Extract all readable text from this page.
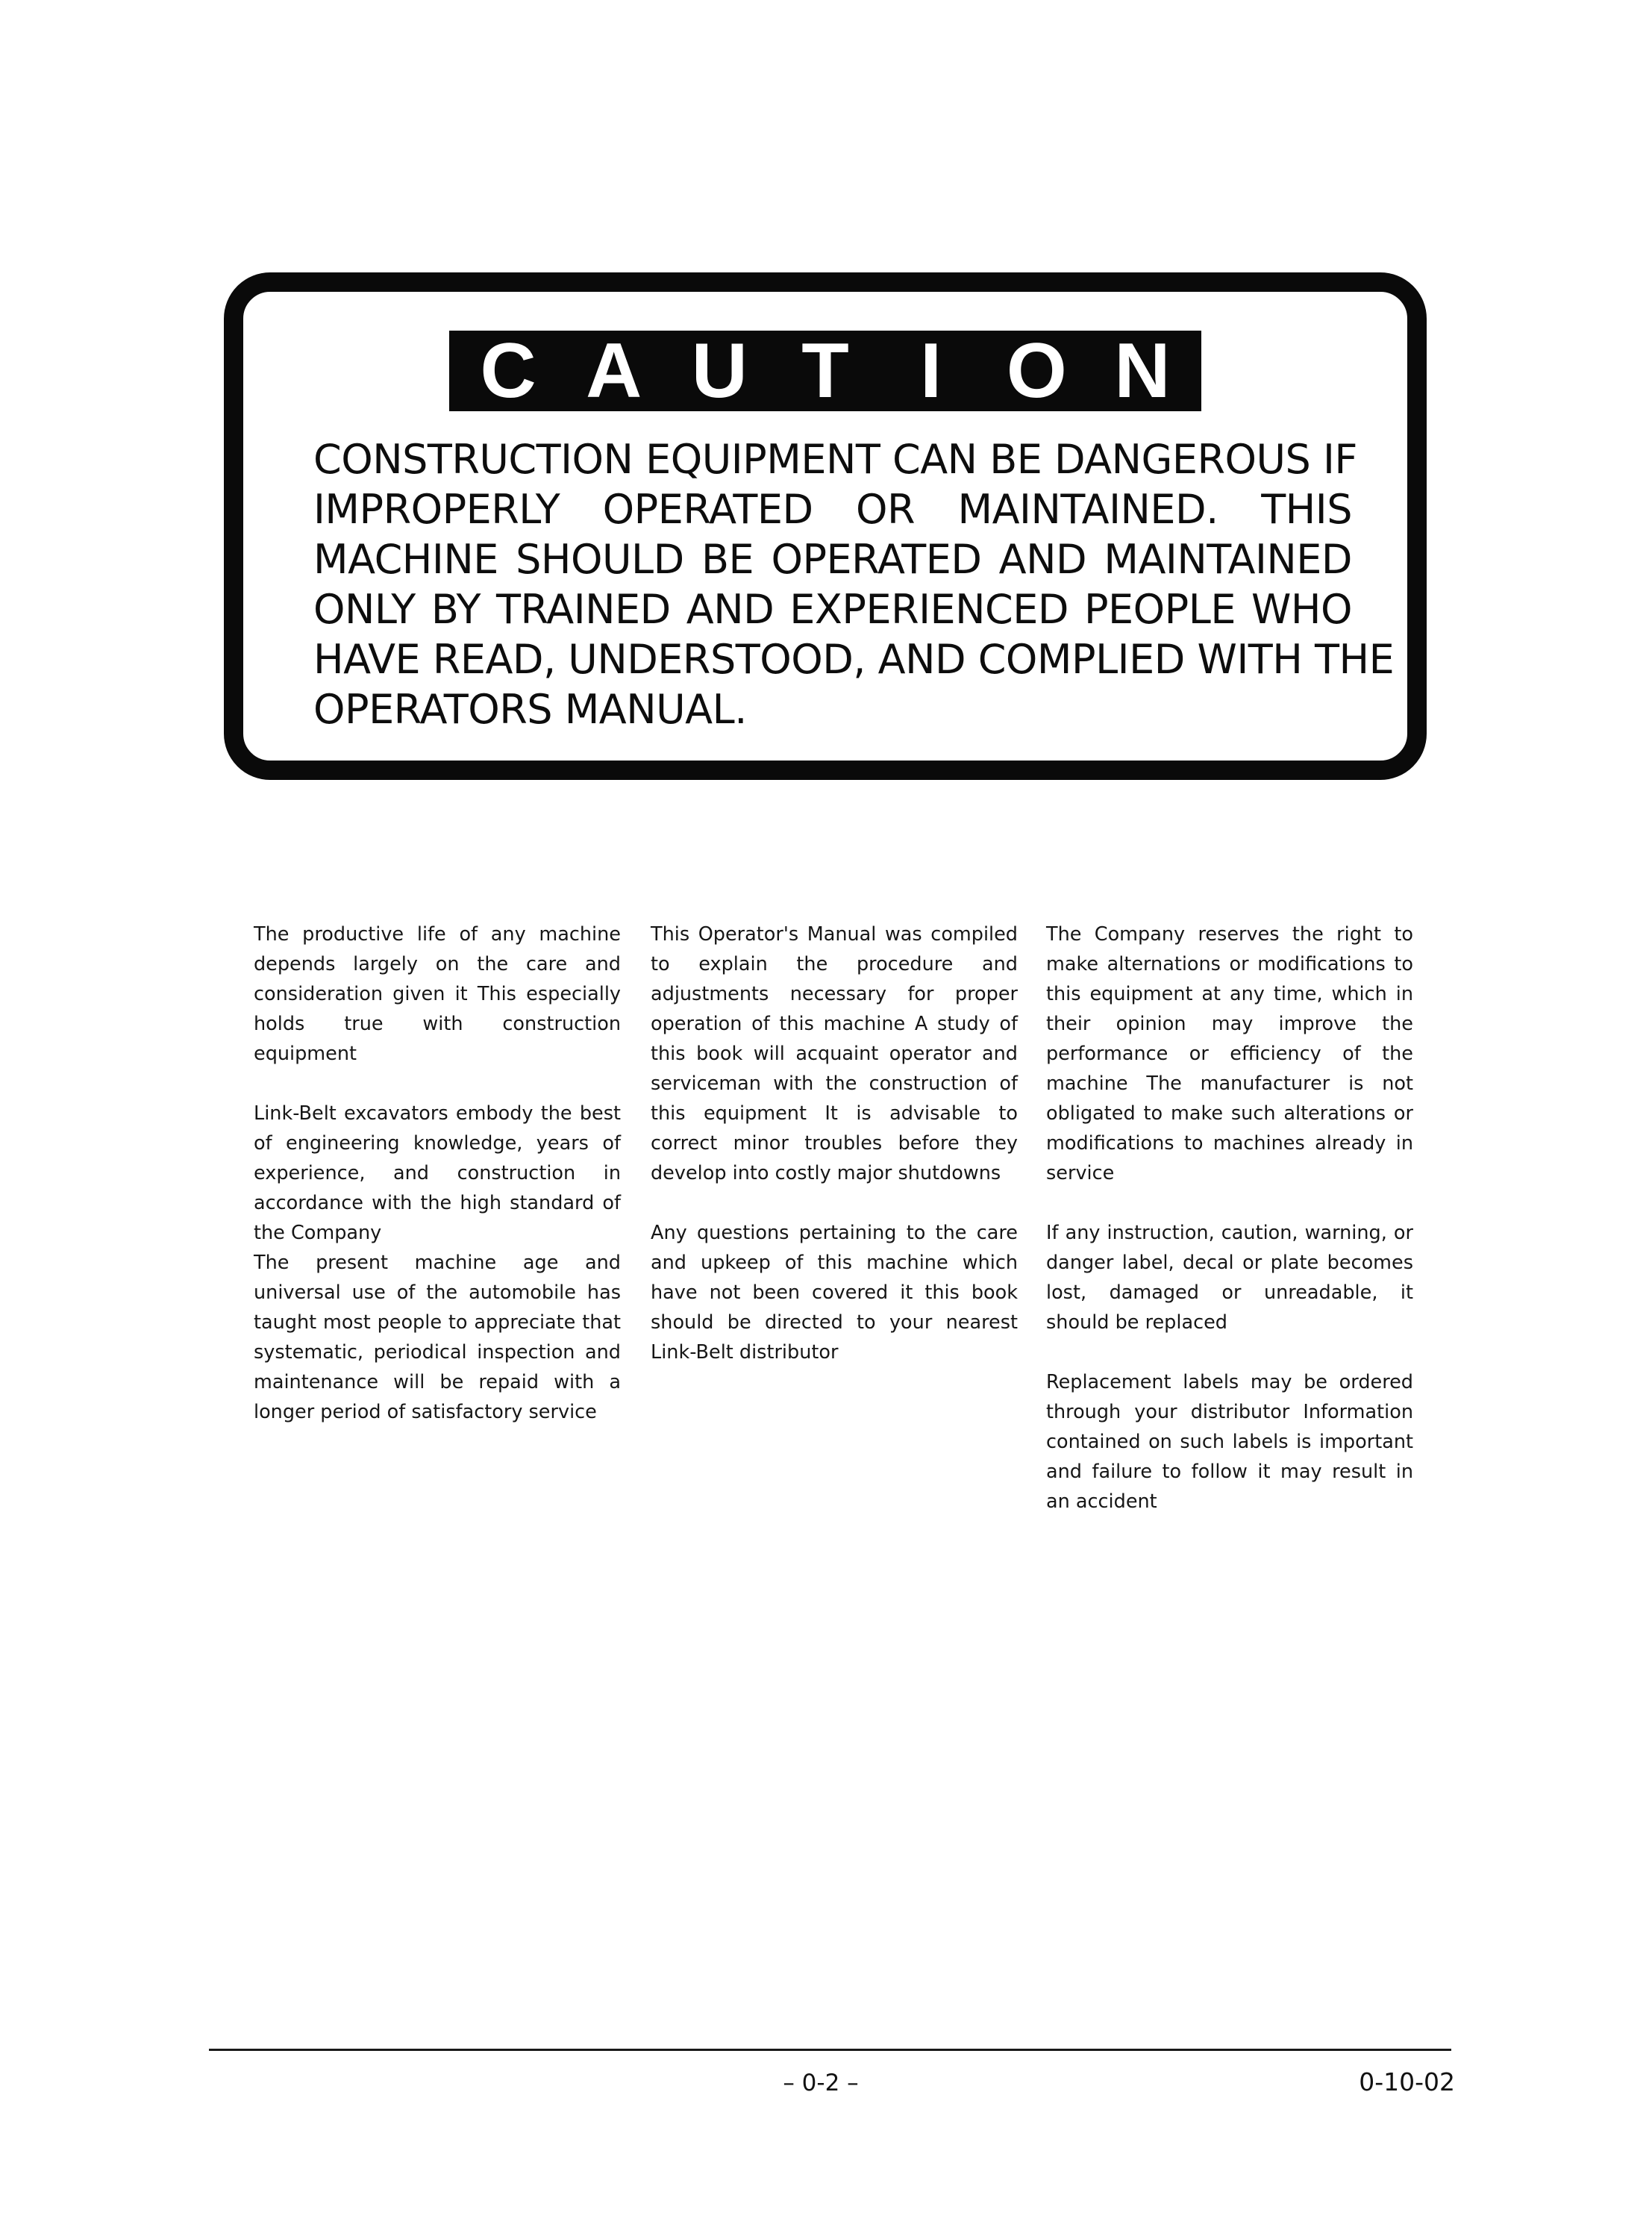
C A U T I O N
CONSTRUCTION EQUIPMENT CAN BE DANGEROUS IF
IMPROPERLY OPERATED OR MAINTAINED. THIS
MACHINE SHOULD BE OPERATED AND MAINTAINED
ONLY BY TRAINED AND EXPERIENCED PEOPLE WHO
HAVE READ, UNDERSTOOD, AND COMPLIED WITH THE
OPERATORS MANUAL.

The productive life of any machine depends largely on the care and consideration given it This especially holds true with construction equipment

Link-Belt excavators embody the best of engineering knowledge, years of experience, and construction in accordance with the high standard of the Company

The present machine age and universal use of the automobile has taught most people to appreciate that systematic, periodical inspection and maintenance will be repaid with a longer period of satisfactory service

This Operator's Manual was compiled to explain the procedure and adjustments necessary for proper operation of this machine A study of this book will acquaint operator and serviceman with the construction of this equipment It is advisable to correct minor troubles before they develop into costly major shutdowns

Any questions pertaining to the care and upkeep of this machine which have not been covered it this book should be directed to your nearest Link-Belt distributor

The Company reserves the right to make alternations or modifications to this equipment at any time, which in their opinion may improve the performance or efficiency of the machine The manufacturer is not obligated to make such alterations or modifications to machines already in service

If any instruction, caution, warning, or danger label, decal or plate becomes lost, damaged or unreadable, it should be replaced

Replacement labels may be ordered through your distributor Information contained on such labels is important and failure to follow it may result in an accident

– 0-2 –	0-10-02
